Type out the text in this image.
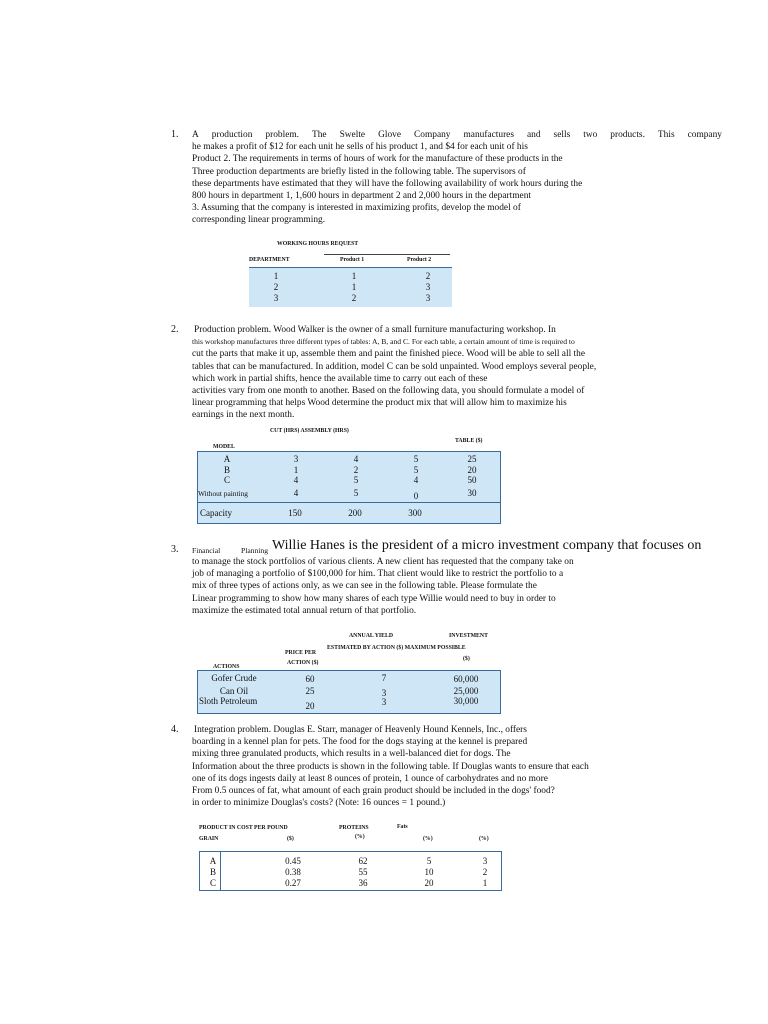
1. A production problem. The Swelte Glove Company manufactures and sells two products. This company
he makes a profit of $12 for each unit he sells of his product 1, and $4 for each unit of his
Product 2. The requirements in terms of hours of work for the manufacture of these products in the
Three production departments are briefly listed in the following table. The supervisors of
these departments have estimated that they will have the following availability of work hours during the
800 hours in department 1, 1,600 hours in department 2 and 2,000 hours in the department
3. Assuming that the company is interested in maximizing profits, develop the model of
corresponding linear programming.
WORKING HOURS REQUEST
DEPARTMENT	Product 1	Product 2
1	1	2
2	1	3
3	2	3
2. Production problem. Wood Walker is the owner of a small furniture manufacturing workshop. In
this workshop manufactures three different types of tables: A, B, and C. For each table, a certain amount of time is required to
cut the parts that make it up, assemble them and paint the finished piece. Wood will be able to sell all the
tables that can be manufactured. In addition, model C can be sold unpainted. Wood employs several people,
which work in partial shifts, hence the available time to carry out each of these
activities vary from one month to another. Based on the following data, you should formulate a model of
linear programming that helps Wood determine the product mix that will allow him to maximize his
earnings in the next month.
CUT (HRS) ASSEMBLY (HRS)
TABLE ($)
MODEL
A	3	4	5	25
B	1	2	5	20
C	4	5	4	50
Without painting	4	5	0	30
Capacity	150	200	300
3. Financial	Planning Willie Hanes is the president of a micro investment company that focuses on
to manage the stock portfolios of various clients. A new client has requested that the company take on
job of managing a portfolio of $100,000 for him. That client would like to restrict the portfolio to a
mix of three types of actions only, as we can see in the following table. Please formulate the
Linear programming to show how many shares of each type Willie would need to buy in order to
maximize the estimated total annual return of that portfolio.
ANNUAL YIELD	INVESTMENT
ESTIMATED BY ACTION ($) MAXIMUM POSSIBLE
PRICE PER
($)
ACTION ($)
ACTIONS
Gofer Crude	60	7	60,000
Can Oil	25	3	25,000
Sloth Petroleum	20	3	30,000
4. Integration problem. Douglas E. Starr, manager of Heavenly Hound Kennels, Inc., offers
boarding in a kennel plan for pets. The food for the dogs staying at the kennel is prepared
mixing three granulated products, which results in a well-balanced diet for dogs. The
Information about the three products is shown in the following table. If Douglas wants to ensure that each
one of its dogs ingests daily at least 8 ounces of protein, 1 ounce of carbohydrates and no more
From 0.5 ounces of fat, what amount of each grain product should be included in the dogs' food?
in order to minimize Douglas's costs? (Note: 16 ounces = 1 pound.)
PRODUCT IN COST PER POUND	PROTEINS	Fats
GRAIN	($)	(%)	(%)	(%)
A	0.45	62	5	3
B	0.38	55	10	2
C	0.27	36	20	1
